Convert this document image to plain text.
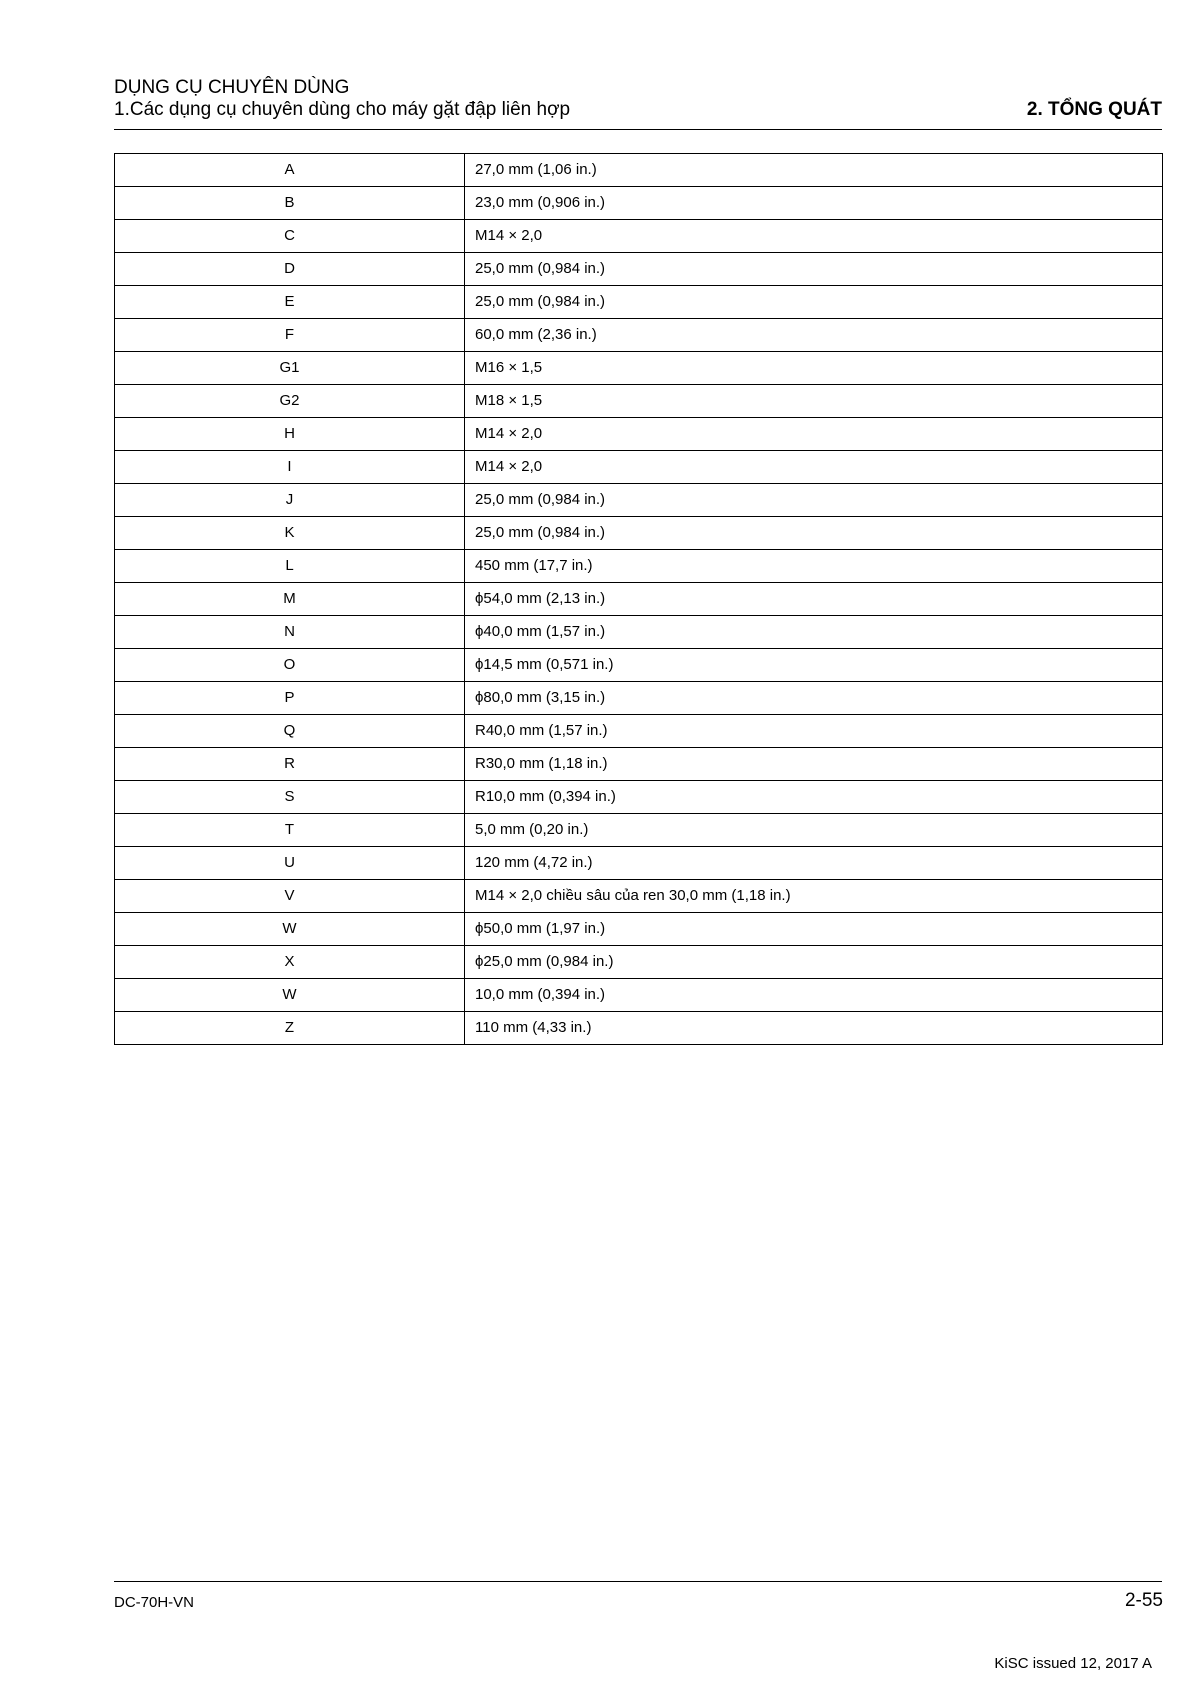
DỤNG CỤ CHUYÊN DÙNG
1.Các dụng cụ chuyên dùng cho máy gặt đập liên hợp	2. TỔNG QUÁT
A	27,0 mm (1,06 in.)
B	23,0 mm (0,906 in.)
C	M14 × 2,0
D	25,0 mm (0,984 in.)
E	25,0 mm (0,984 in.)
F	60,0 mm (2,36 in.)
G1	M16 × 1,5
G2	M18 × 1,5
H	M14 × 2,0
I	M14 × 2,0
J	25,0 mm (0,984 in.)
K	25,0 mm (0,984 in.)
L	450 mm (17,7 in.)
M	ϕ54,0 mm (2,13 in.)
N	ϕ40,0 mm (1,57 in.)
O	ϕ14,5 mm (0,571 in.)
P	ϕ80,0 mm (3,15 in.)
Q	R40,0 mm (1,57 in.)
R	R30,0 mm (1,18 in.)
S	R10,0 mm (0,394 in.)
T	5,0 mm (0,20 in.)
U	120 mm (4,72 in.)
V	M14 × 2,0 chiều sâu của ren 30,0 mm (1,18 in.)
W	ϕ50,0 mm (1,97 in.)
X	ϕ25,0 mm (0,984 in.)
W	10,0 mm (0,394 in.)
Z	110 mm (4,33 in.)
DC-70H-VN	2-55
KiSC issued 12, 2017 A
